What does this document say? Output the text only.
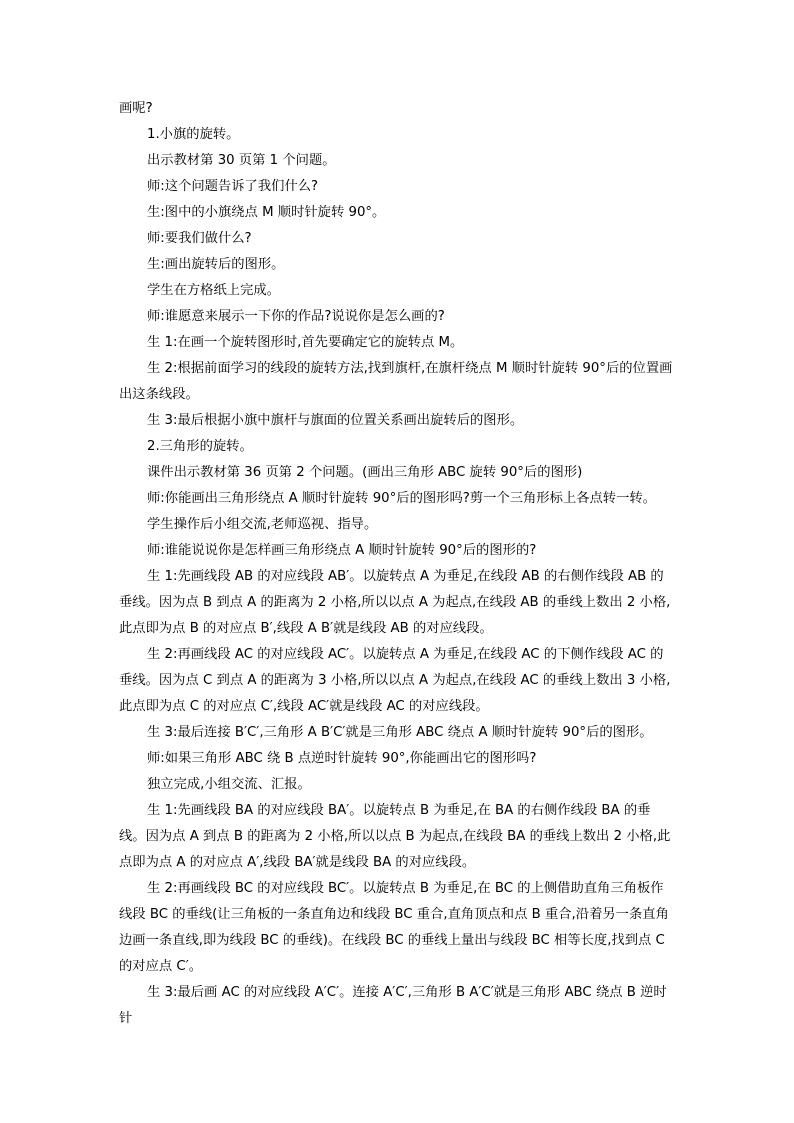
画呢?

1.小旗的旋转。

出示教材第 30 页第 1 个问题。

师:这个问题告诉了我们什么?

生:图中的小旗绕点 M 顺时针旋转 90°。

师:要我们做什么?

生:画出旋转后的图形。

学生在方格纸上完成。

师:谁愿意来展示一下你的作品?说说你是怎么画的?

生 1:在画一个旋转图形时,首先要确定它的旋转点 M。

生 2:根据前面学习的线段的旋转方法,找到旗杆,在旗杆绕点 M 顺时针旋转 90°后的位置画出这条线段。

生 3:最后根据小旗中旗杆与旗面的位置关系画出旋转后的图形。

2.三角形的旋转。

课件出示教材第 36 页第 2 个问题。(画出三角形 ABC 旋转 90°后的图形)

师:你能画出三角形绕点 A 顺时针旋转 90°后的图形吗?剪一个三角形标上各点转一转。

学生操作后小组交流,老师巡视、指导。

师:谁能说说你是怎样画三角形绕点 A 顺时针旋转 90°后的图形的?

生 1:先画线段 AB 的对应线段 AB′。以旋转点 A 为垂足,在线段 AB 的右侧作线段 AB 的垂线。因为点 B 到点 A 的距离为 2 小格,所以以点 A 为起点,在线段 AB 的垂线上数出 2 小格,此点即为点 B 的对应点 B′,线段 A B′就是线段 AB 的对应线段。

生 2:再画线段 AC 的对应线段 AC′。以旋转点 A 为垂足,在线段 AC 的下侧作线段 AC 的垂线。因为点 C 到点 A 的距离为 3 小格,所以以点 A 为起点,在线段 AC 的垂线上数出 3 小格,此点即为点 C 的对应点 C′,线段 AC′就是线段 AC 的对应线段。

生 3:最后连接 B′C′,三角形 A B′C′就是三角形 ABC 绕点 A 顺时针旋转 90°后的图形。

师:如果三角形 ABC 绕 B 点逆时针旋转 90°,你能画出它的图形吗?

独立完成,小组交流、汇报。

生 1:先画线段 BA 的对应线段 BA′。以旋转点 B 为垂足,在 BA 的右侧作线段 BA 的垂线。因为点 A 到点 B 的距离为 2 小格,所以以点 B 为起点,在线段 BA 的垂线上数出 2 小格,此点即为点 A 的对应点 A′,线段 BA′就是线段 BA 的对应线段。

生 2:再画线段 BC 的对应线段 BC′。以旋转点 B 为垂足,在 BC 的上侧借助直角三角板作线段 BC 的垂线(让三角板的一条直角边和线段 BC 重合,直角顶点和点 B 重合,沿着另一条直角边画一条直线,即为线段 BC 的垂线)。在线段 BC 的垂线上量出与线段 BC 相等长度,找到点 C 的对应点 C′。

生 3:最后画 AC 的对应线段 A′C′。连接 A′C′,三角形 B A′C′就是三角形 ABC 绕点 B 逆时针
